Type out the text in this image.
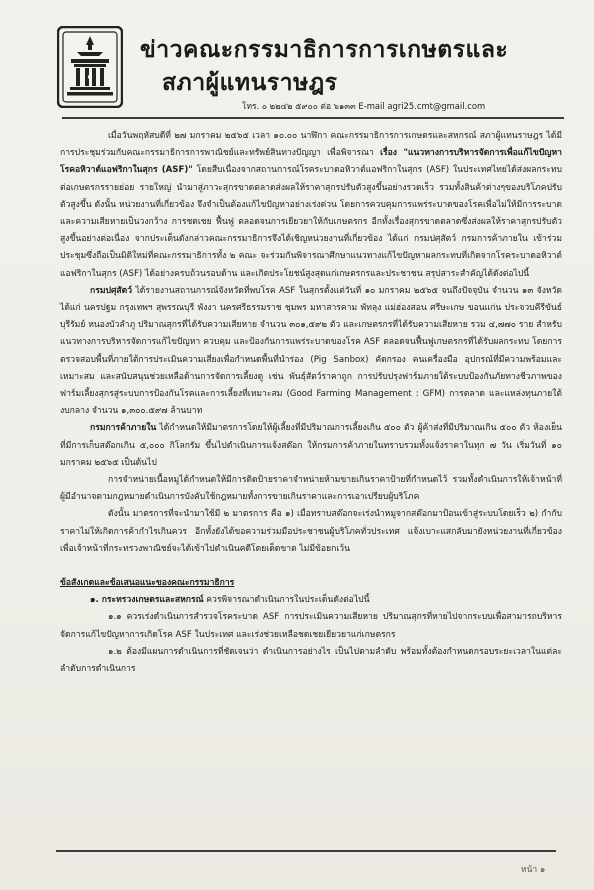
ข่าวคณะกรรมาธิการการเกษตรและ
สภาผู้แทนราษฎร
โทร. ๐ ๒๒๔๒ ๕๙๐๐ ต่อ ๖๑๓๓ E-mail agri25.cmt@gmail.com

เมื่อวันพฤหัสบดีที่ ๒๗ มกราคม ๒๕๖๕ เวลา ๑๐.๐๐ นาฬิกา คณะกรรมาธิการการเกษตรและสหกรณ์ สภาผู้แทนราษฎร ได้มีการประชุมร่วมกับคณะกรรมาธิการการพาณิชย์และทรัพย์สินทางปัญญา เพื่อพิจารณา เรื่อง "แนวทางการบริหารจัดการเพื่อแก้ไขปัญหาโรคอหิวาต์แอฟริกาในสุกร (ASF)" โดยสืบเนื่องจากสถานการณ์โรคระบาดอหิวาต์แอฟริกาในสุกร (ASF) ในประเทศไทยได้ส่งผลกระทบต่อเกษตรกรรายย่อย รายใหญ่ นำมาสู่ภาวะสุกรขาดตลาดส่งผลให้ราคาสุกรปรับตัวสูงขึ้นอย่างรวดเร็ว รวมทั้งสินค้าต่างๆของบริโภคปรับตัวสูงขึ้น ดังนั้น หน่วยงานที่เกี่ยวข้อง จึงจำเป็นต้องแก้ไขปัญหาอย่างเร่งด่วน โดยการควบคุมการแพร่ระบาดของโรคเพื่อไม่ให้มีการระบาดและความเสียหายเป็นวงกว้าง การชดเชย ฟื้นฟู ตลอดจนการเยียวยาให้กับเกษตรกร อีกทั้งเรื่องสุกรขาดตลาดซึ่งส่งผลให้ราคาสุกรปรับตัวสูงขึ้นอย่างต่อเนื่อง จากประเด็นดังกล่าวคณะกรรมาธิการจึงได้เชิญหน่วยงานที่เกี่ยวข้อง ได้แก่ กรมปศุสัตว์ กรมการค้าภายใน เข้าร่วมประชุมซึ่งถือเป็นมิติใหม่ที่คณะกรรมาธิการทั้ง ๒ คณะ จะร่วมกันพิจารณาศึกษาแนวทางแก้ไขปัญหาผลกระทบที่เกิดจากโรคระบาดอหิวาต์แอฟริกาในสุกร (ASF) ได้อย่างครบถ้วนรอบด้าน และเกิดประโยชน์สูงสุดแก่เกษตรกรและประชาชน สรุปสาระสำคัญได้ดังต่อไปนี้

กรมปศุสัตว์ ได้รายงานสถานการณ์จังหวัดที่พบโรค ASF ในสุกรตั้งแต่วันที่ ๑๐ มกราคม ๒๕๖๕ จนถึงปัจจุบัน จำนวน ๑๓ จังหวัด ได้แก่ นครปฐม กรุงเทพฯ สุพรรณบุรี พังงา นครศรีธรรมราช ชุมพร มหาสารคาม พัทลุง แม่ฮ่องสอน ศรีษะเกษ ขอนแก่น ประจวบคีรีขันธ์ บุรีรัมย์ หนองบัวลำภู ปริมาณสุกรที่ได้รับความเสียหาย จำนวน ๓๐๑,๕๙๒ ตัว และเกษตรกรที่ได้รับความเสียหาย รวม ๔,๗๗๐ ราย สำหรับแนวทางการบริหารจัดการแก้ไขปัญหา ควบคุม และป้องกันการแพร่ระบาดของโรค ASF ตลอดจนฟื้นฟูเกษตรกรที่ได้รับผลกระทบ โดยการตรวจสอบพื้นที่ภายใต้การประเมินความเสี่ยงเพื่อกำหนดพื้นที่นำร่อง (Pig Sanbox) คัดกรอง คนเครื่องมือ อุปกรณ์ที่มีความพร้อมและเหมาะสม และสนับสนุนช่วยเหลือด้านการจัดการเลี้ยงดู เช่น พันธุ์สัตว์ราคาถูก การปรับปรุงฟาร์มภายใต้ระบบป้องกันภัยทางชีวภาพของฟาร์มเลี้ยงสุกรสู่ระบบการป้องกันโรคและการเลี้ยงที่เหมาะสม (Good Farming Management : GFM) การตลาด และแหล่งทุนภายใต้งบกลาง จำนวน ๑,๓๐๐.๕๙๗ ล้านบาท

กรมการค้าภายใน ได้กำหนดให้มีมาตรการโดยให้ผู้เลี้ยงที่มีปริมาณการเลี้ยงเกิน ๕๐๐ ตัว ผู้ค้าส่งที่มีปริมาณเกิน ๕๐๐ ตัว ห้องเย็นที่มีการเก็บสต๊อกเกิน ๕,๐๐๐ กิโลกรัม ขึ้นไปดำเนินการแจ้งสต๊อก ให้กรมการค้าภายในทราบรวมทั้งแจ้งราคาในทุก ๗ วัน เริ่มวันที่ ๑๐ มกราคม ๒๕๖๕ เป็นต้นไป

การจำหน่ายเนื้อหมูได้กำหนดให้มีการติดป้ายราคาจำหน่ายห้ามขายเกินราคาป้ายที่กำหนดไว้ รวมทั้งดำเนินการให้เจ้าหน้าที่ผู้มีอำนาจตามกฎหมายดำเนินการบังคับใช้กฎหมายทั้งการขายเกินราคาและการเอาเปรียบผู้บริโภค

ดังนั้น มาตรการที่จะนำมาใช้มี ๒ มาตรการ คือ ๑) เมื่อทราบสต๊อกจะเร่งนำหมูจากสต๊อกมาป้อนเข้าสู่ระบบโดยเร็ว ๒) กำกับราคาไม่ให้เกิดการค้ากำไรเกินควร อีกทั้งยังได้ขอความร่วมมือประชาชนผู้บริโภคทั่วประเทศ แจ้งเบาะแสกลับมายังหน่วยงานที่เกี่ยวข้องเพื่อเจ้าหน้าที่กระทรวงพาณิชย์จะได้เข้าไปดำเนินคดีโดยเด็ดขาด ไม่มีข้อยกเว้น

ข้อสังเกตและข้อเสนอแนะของคณะกรรมาธิการ

๑. กระทรวงเกษตรและสหกรณ์ ควรพิจารณาดำเนินการในประเด็นดังต่อไปนี้

๑.๑ ควรเร่งดำเนินการสำรวจโรคระบาด ASF การประเมินความเสียหาย ปริมาณสุกรที่หายไปจากระบบเพื่อสามารถบริหารจัดการแก้ไขปัญหาการเกิดโรค ASF ในประเทศ และเร่งช่วยเหลือชดเชยเยียวยาแก่เกษตรกร

๑.๒ ต้องมีแผนการดำเนินการที่ชัดเจนว่า ดำเนินการอย่างไร เป็นไปตามลำดับ พร้อมทั้งต้องกำหนดกรอบระยะเวลาในแต่ละลำดับการดำเนินการ

หน้า ๑
